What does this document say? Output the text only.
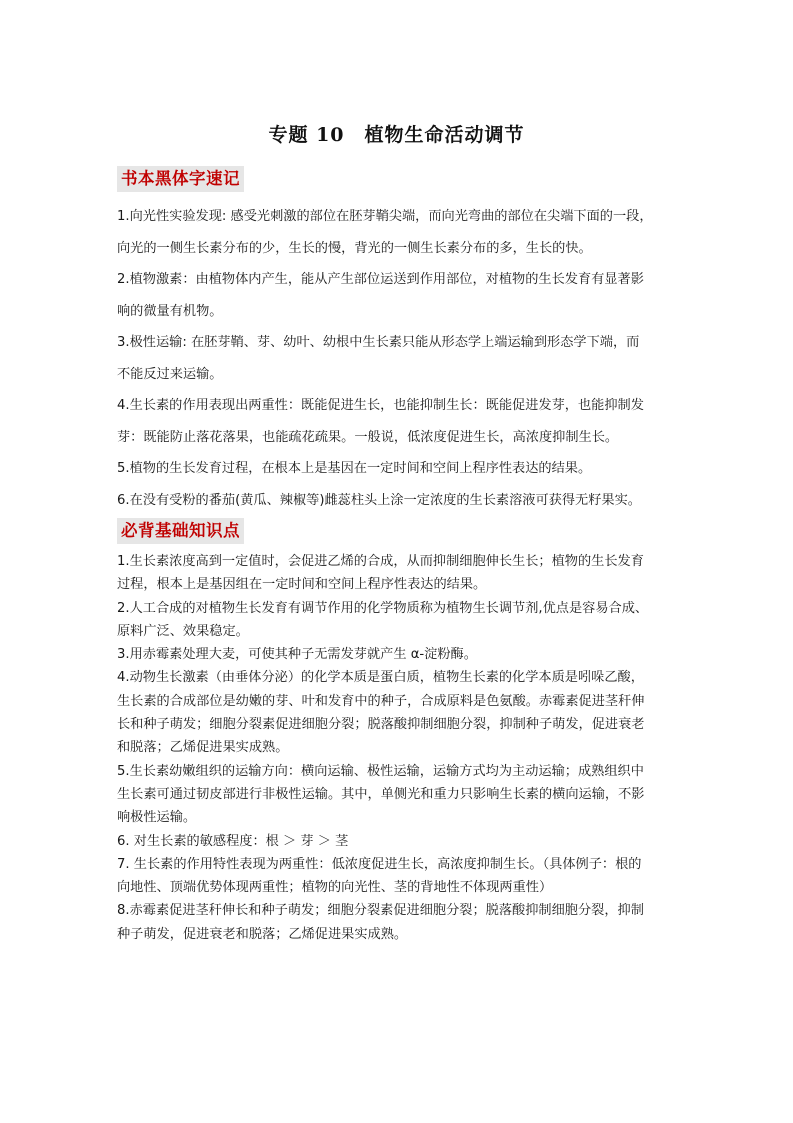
专题 10　植物生命活动调节
书本黑体字速记

1.向光性实验发现: 感受光刺激的部位在胚芽鞘尖端，而向光弯曲的部位在尖端下面的一段，

向光的一侧生长素分布的少，生长的慢，背光的一侧生长素分布的多，生长的快。

2.植物激素：由植物体内产生，能从产生部位运送到作用部位，对植物的生长发育有显著影

响的微量有机物。

3.极性运输: 在胚芽鞘、芽、幼叶、幼根中生长素只能从形态学上端运输到形态学下端，而

不能反过来运输。

4.生长素的作用表现出两重性：既能促进生长，也能抑制生长：既能促进发芽，也能抑制发

芽：既能防止落花落果，也能疏花疏果。一般说，低浓度促进生长，高浓度抑制生长。

5.植物的生长发育过程，在根本上是基因在一定时间和空间上程序性表达的结果。

6.在没有受粉的番茄(黄瓜、辣椒等)雌蕊柱头上涂一定浓度的生长素溶液可获得无籽果实。

必背基础知识点

1.生长素浓度高到一定值时，会促进乙烯的合成，从而抑制细胞伸长生长；植物的生长发育

过程，根本上是基因组在一定时间和空间上程序性表达的结果。

2.人工合成的对植物生长发育有调节作用的化学物质称为植物生长调节剂,优点是容易合成、

原料广泛、效果稳定。

3.用赤霉素处理大麦，可使其种子无需发芽就产生 α-淀粉酶。

4.动物生长激素（由垂体分泌）的化学本质是蛋白质，植物生长素的化学本质是吲哚乙酸，

生长素的合成部位是幼嫩的芽、叶和发育中的种子，合成原料是色氨酸。赤霉素促进茎秆伸

长和种子萌发；细胞分裂素促进细胞分裂；脱落酸抑制细胞分裂，抑制种子萌发，促进衰老

和脱落；乙烯促进果实成熟。

5.生长素幼嫩组织的运输方向：横向运输、极性运输，运输方式均为主动运输；成熟组织中

生长素可通过韧皮部进行非极性运输。其中，单侧光和重力只影响生长素的横向运输，不影

响极性运输。

6. 对生长素的敏感程度：根 ＞ 芽 ＞ 茎

7. 生长素的作用特性表现为两重性：低浓度促进生长，高浓度抑制生长。（具体例子：根的

向地性、顶端优势体现两重性；植物的向光性、茎的背地性不体现两重性）

8.赤霉素促进茎秆伸长和种子萌发；细胞分裂素促进细胞分裂；脱落酸抑制细胞分裂，抑制

种子萌发，促进衰老和脱落；乙烯促进果实成熟。
